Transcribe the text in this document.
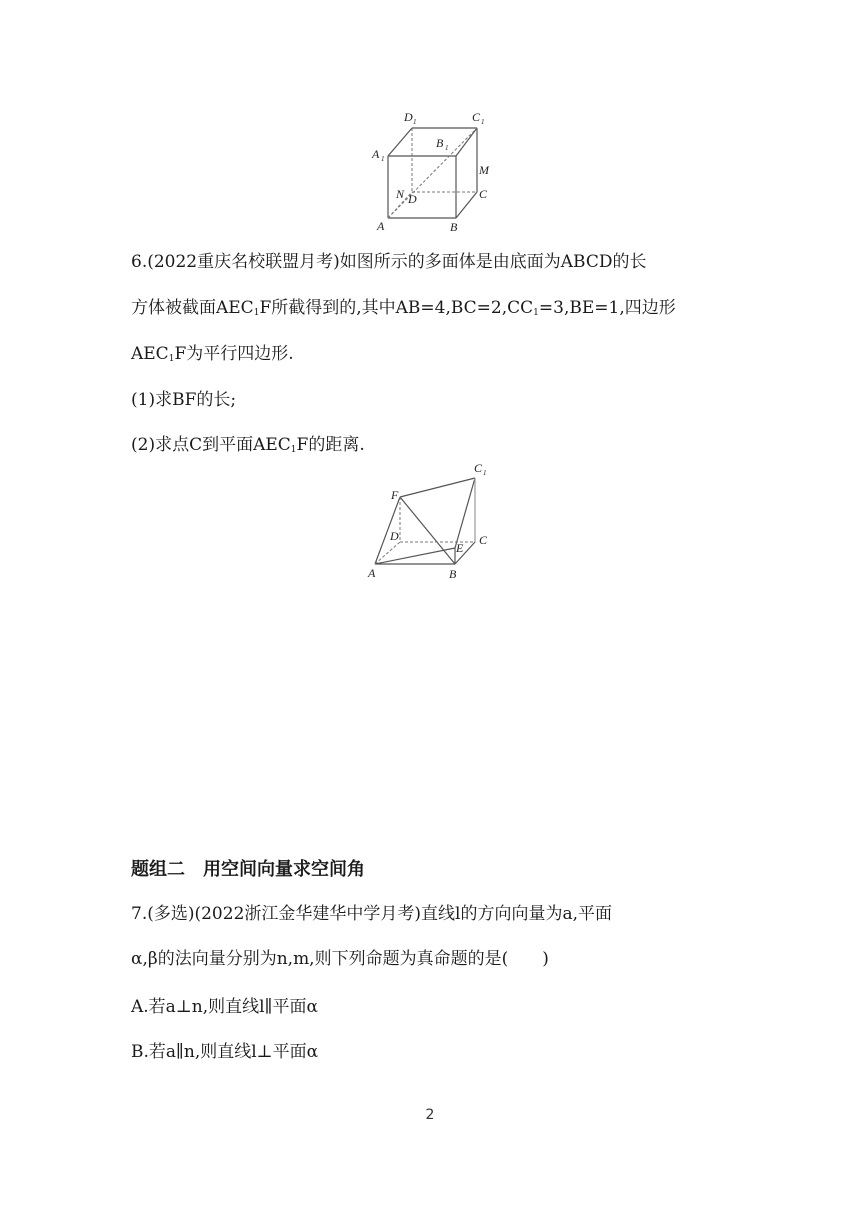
D 1	C 1
A 1
B 1
M
N D	C
A	B
6.(2022重庆名校联盟月考)如图所示的多面体是由底面为ABCD的长
方体被截面$AEC_1F$所截得到的,其中$AB=4,BC=2,CC_1=3,BE=1$,四边形
$AEC_1F$为平行四边形.
(1)求BF的长;
(2)求点C到平面$AEC_1F$的距离.
C 1
F
D
E
C
A	B
题组二　用空间向量求空间角
7.(多选)(2022浙江金华建华中学月考)直线l的方向向量为a,平面
α,β的法向量分别为n,m,则下列命题为真命题的是(　　)
A.若a⊥n,则直线l∥平面α
B.若a∥n,则直线l⊥平面α
2
